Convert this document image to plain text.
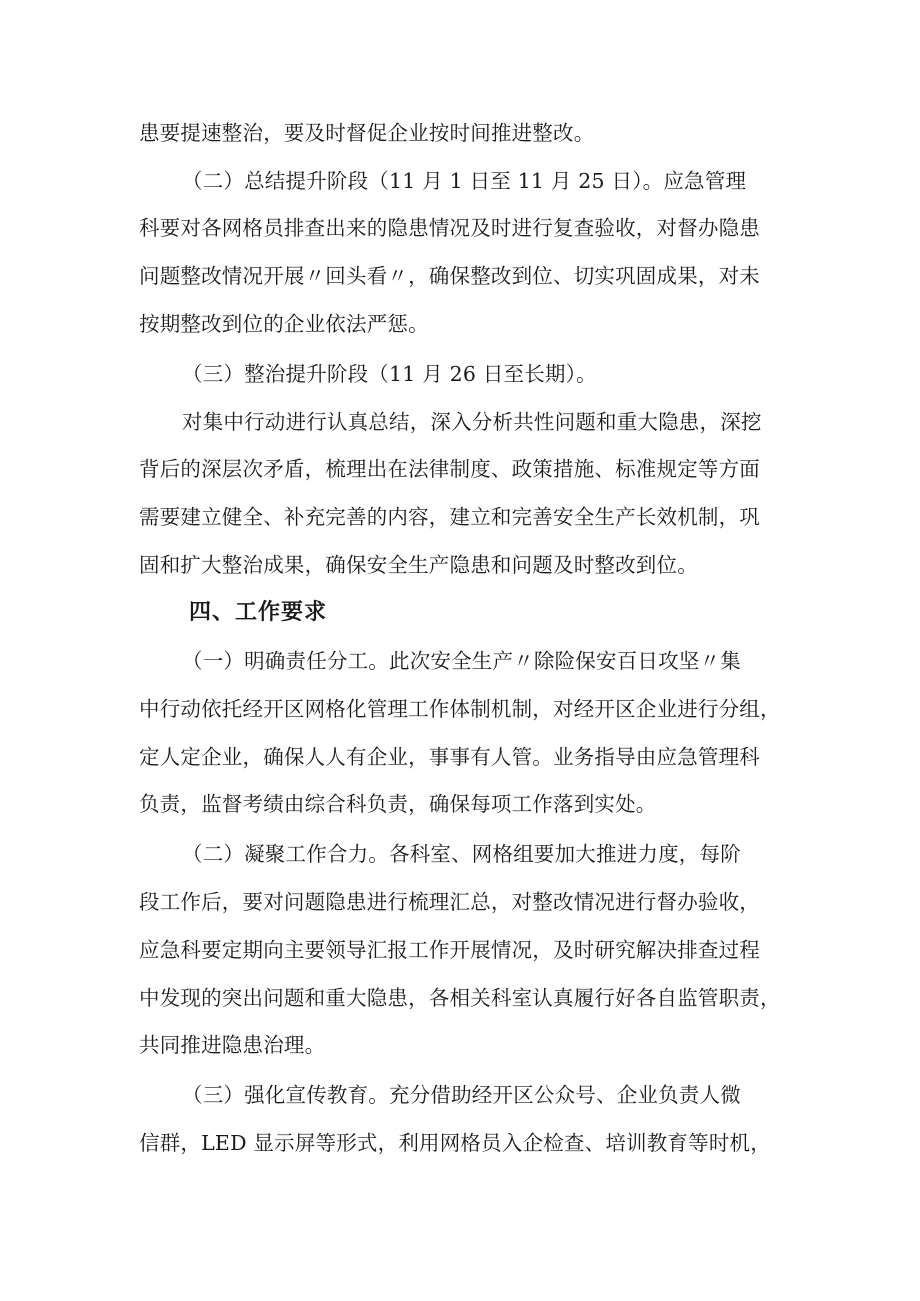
患要提速整治，要及时督促企业按时间推进整改。
（二）总结提升阶段（11 月 1 日至 11 月 25 日）。应急管理
科要对各网格员排查出来的隐患情况及时进行复查验收，对督办隐患
问题整改情况开展〃回头看〃，确保整改到位、切实巩固成果，对未
按期整改到位的企业依法严惩。
（三）整治提升阶段（11 月 26 日至长期）。
对集中行动进行认真总结，深入分析共性问题和重大隐患，深挖
背后的深层次矛盾，梳理出在法律制度、政策措施、标准规定等方面
需要建立健全、补充完善的内容，建立和完善安全生产长效机制，巩
固和扩大整治成果，确保安全生产隐患和问题及时整改到位。
四、工作要求
（一）明确责任分工。此次安全生产〃除险保安百日攻坚〃集
中行动依托经开区网格化管理工作体制机制，对经开区企业进行分组，
定人定企业，确保人人有企业，事事有人管。业务指导由应急管理科
负责，监督考绩由综合科负责，确保每项工作落到实处。
（二）凝聚工作合力。各科室、网格组要加大推进力度，每阶
段工作后，要对问题隐患进行梳理汇总，对整改情况进行督办验收，
应急科要定期向主要领导汇报工作开展情况，及时研究解决排查过程
中发现的突出问题和重大隐患，各相关科室认真履行好各自监管职责，
共同推进隐患治理。
（三）强化宣传教育。充分借助经开区公众号、企业负责人微
信群，LED 显示屏等形式，利用网格员入企检查、培训教育等时机，
